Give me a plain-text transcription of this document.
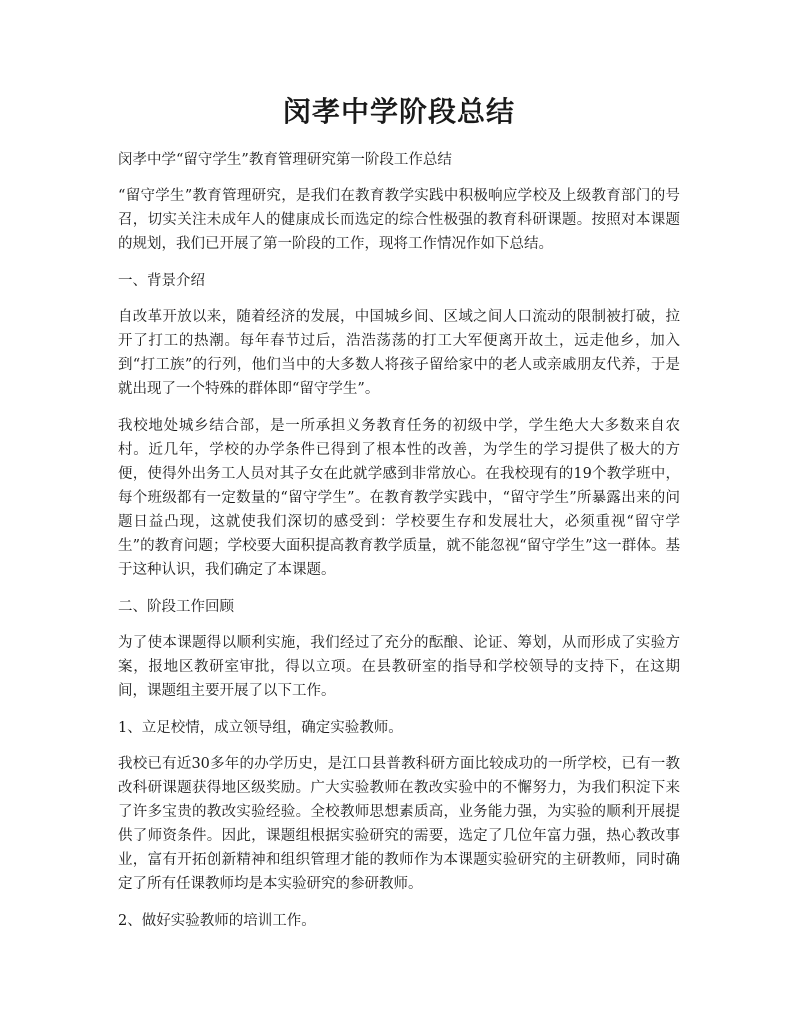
闵孝中学阶段总结

闵孝中学“留守学生”教育管理研究第一阶段工作总结

“留守学生”教育管理研究，是我们在教育教学实践中积极响应学校及上级教育部门的号召，切实关注未成年人的健康成长而选定的综合性极强的教育科研课题。按照对本课题的规划，我们已开展了第一阶段的工作，现将工作情况作如下总结。

一、背景介绍

自改革开放以来，随着经济的发展，中国城乡间、区域之间人口流动的限制被打破，拉开了打工的热潮。每年春节过后，浩浩荡荡的打工大军便离开故土，远走他乡，加入到“打工族”的行列，他们当中的大多数人将孩子留给家中的老人或亲戚朋友代养，于是就出现了一个特殊的群体即“留守学生”。

我校地处城乡结合部，是一所承担义务教育任务的初级中学，学生绝大大多数来自农村。近几年，学校的办学条件已得到了根本性的改善，为学生的学习提供了极大的方便，使得外出务工人员对其子女在此就学感到非常放心。在我校现有的19个教学班中，每个班级都有一定数量的“留守学生”。在教育教学实践中，“留守学生”所暴露出来的问题日益凸现，这就使我们深切的感受到：学校要生存和发展壮大，必须重视“留守学生”的教育问题；学校要大面积提高教育教学质量，就不能忽视“留守学生”这一群体。基于这种认识，我们确定了本课题。

二、阶段工作回顾

为了使本课题得以顺利实施，我们经过了充分的酝酿、论证、筹划，从而形成了实验方案，报地区教研室审批，得以立项。在县教研室的指导和学校领导的支持下，在这期间，课题组主要开展了以下工作。

1、立足校情，成立领导组，确定实验教师。

我校已有近30多年的办学历史，是江口县普教科研方面比较成功的一所学校，已有一教改科研课题获得地区级奖励。广大实验教师在教改实验中的不懈努力，为我们积淀下来了许多宝贵的教改实验经验。全校教师思想素质高，业务能力强，为实验的顺利开展提供了师资条件。因此，课题组根据实验研究的需要，选定了几位年富力强，热心教改事业，富有开拓创新精神和组织管理才能的教师作为本课题实验研究的主研教师，同时确定了所有任课教师均是本实验研究的参研教师。

2、做好实验教师的培训工作。
